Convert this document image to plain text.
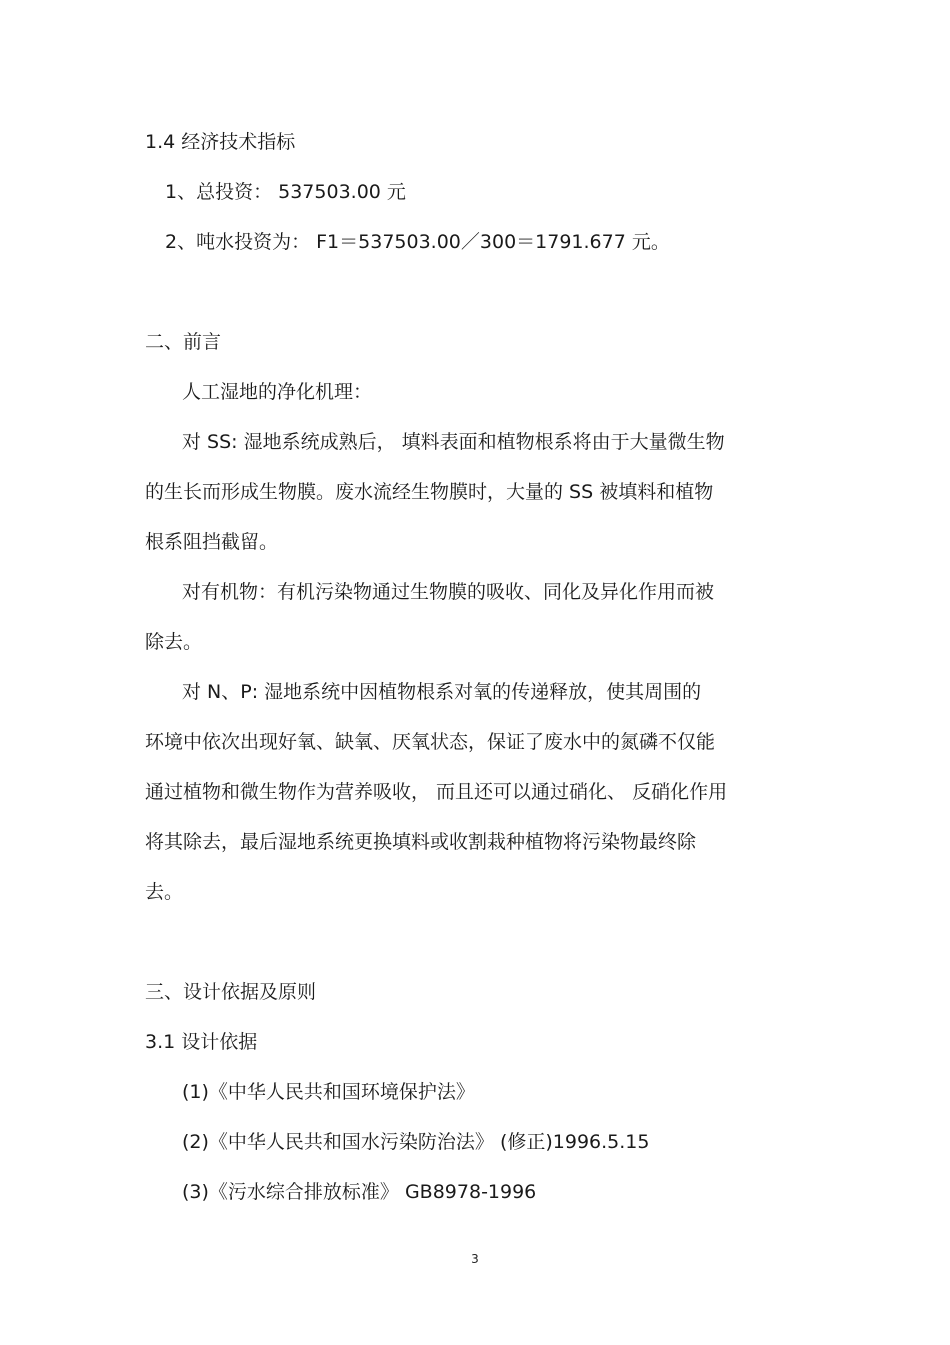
1.4 经济技术指标

1、总投资： 537503.00 元

2、吨水投资为： F1＝537503.00／300＝1791.677 元。

二、前言

人工湿地的净化机理：

对 SS: 湿地系统成熟后， 填料表面和植物根系将由于大量微生物

的生长而形成生物膜。废水流经生物膜时，大量的 SS 被填料和植物

根系阻挡截留。

对有机物：有机污染物通过生物膜的吸收、同化及异化作用而被

除去。

对 N、P: 湿地系统中因植物根系对氧的传递释放，使其周围的

环境中依次出现好氧、缺氧、厌氧状态，保证了废水中的氮磷不仅能

通过植物和微生物作为营养吸收， 而且还可以通过硝化、 反硝化作用

将其除去，最后湿地系统更换填料或收割栽种植物将污染物最终除

去。

三、设计依据及原则

3.1 设计依据

(1)《中华人民共和国环境保护法》

(2)《中华人民共和国水污染防治法》 (修正)1996.5.15

(3)《污水综合排放标准》 GB8978-1996

3
